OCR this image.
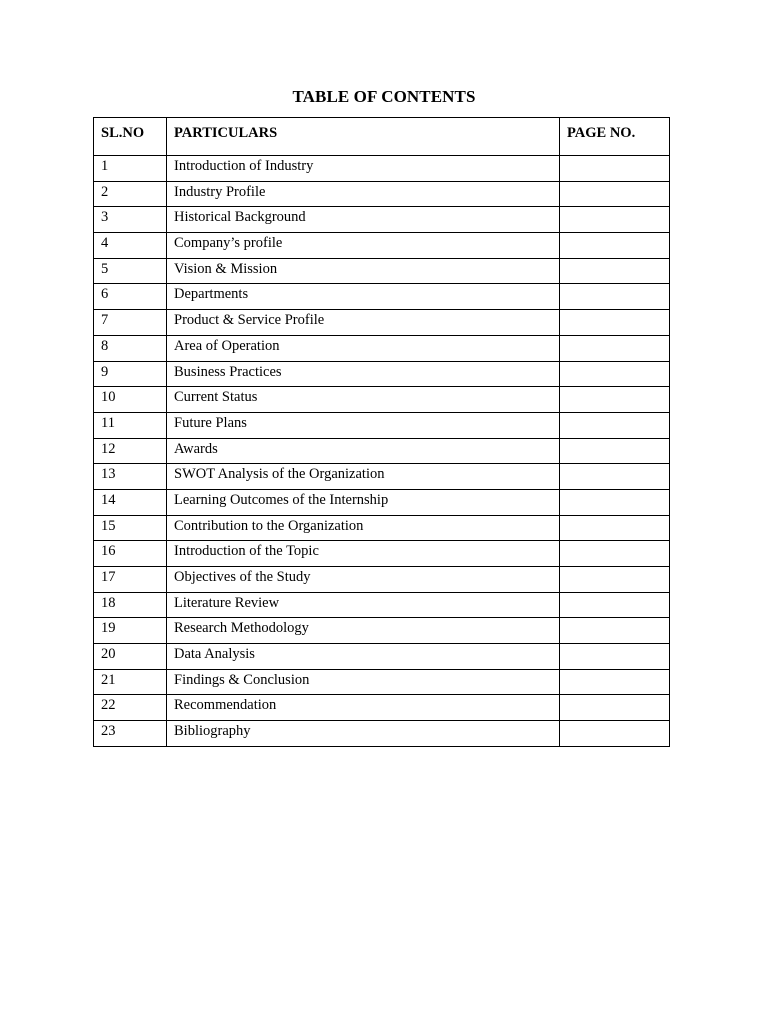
TABLE OF CONTENTS
SL.NO	PARTICULARS	PAGE NO.
1	Introduction of Industry	
2	Industry Profile	
3	Historical Background	
4	Company’s profile	
5	Vision & Mission	
6	Departments	
7	Product & Service Profile	
8	Area of Operation	
9	Business Practices	
10	Current Status	
11	Future Plans	
12	Awards	
13	SWOT Analysis of the Organization	
14	Learning Outcomes of the Internship	
15	Contribution to the Organization	
16	Introduction of the Topic	
17	Objectives of the Study	
18	Literature Review	
19	Research Methodology	
20	Data Analysis	
21	Findings & Conclusion	
22	Recommendation	
23	Bibliography	
